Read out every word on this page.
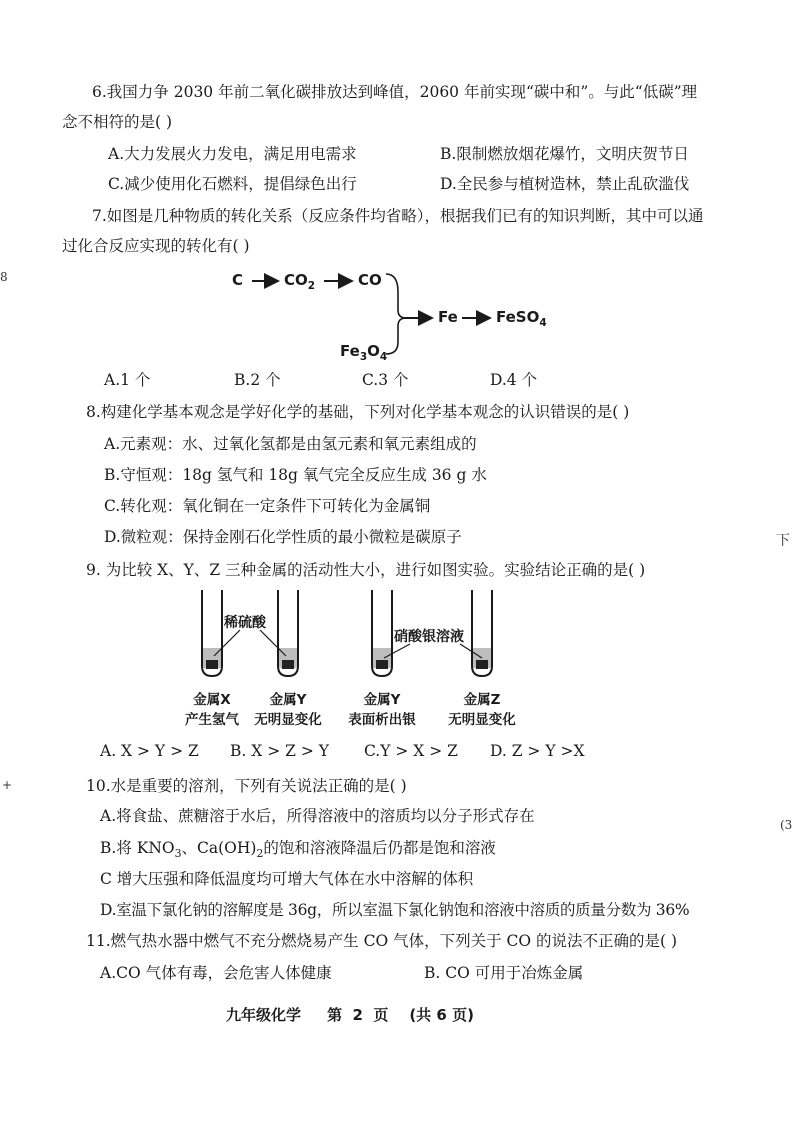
6.我国力争 2030 年前二氧化碳排放达到峰值，2060 年前实现“碳中和”。与此“低碳”理
念不相符的是( )
A.大力发展火力发电，满足用电需求	B.限制燃放烟花爆竹，文明庆贺节日
C.减少使用化石燃料，提倡绿色出行	D.全民参与植树造林，禁止乱砍滥伐
7.如图是几种物质的转化关系（反应条件均省略），根据我们已有的知识判断，其中可以通
过化合反应实现的转化有( )
C	$CO_2$	CO
Fe	FeSO$_4$
$Fe_3O_4$
A.1 个	B.2 个	C.3 个	D.4 个
8.构建化学基本观念是学好化学的基础，下列对化学基本观念的认识错误的是( )
A.元素观：水、过氧化氢都是由氢元素和氧元素组成的
B.守恒观：18g 氢气和 18g 氧气完全反应生成 36 g 水
C.转化观：氧化铜在一定条件下可转化为金属铜
D.微粒观：保持金刚石化学性质的最小微粒是碳原子
9. 为比较 X、Y、Z 三种金属的活动性大小，进行如图实验。实验结论正确的是( )
稀硫酸
硝酸银溶液
金属X
产生氢气
金属Y
无明显变化
金属Y
表面析出银
金属Z
无明显变化
A. X > Y > Z B. X > Z > Y C.Y > X > Z D. Z > Y >X
10.水是重要的溶剂，下列有关说法正确的是( )
A.将食盐、蔗糖溶于水后，所得溶液中的溶质均以分子形式存在
B.将 $KNO_3$、$Ca(OH)_2$的饱和溶液降温后仍都是饱和溶液
C 增大压强和降低温度均可增大气体在水中溶解的体积
D.室温下氯化钠的溶解度是 36g，所以室温下氯化钠饱和溶液中溶质的质量分数为 36%
11.燃气热水器中燃气不充分燃烧易产生 CO 气体，下列关于 CO 的说法不正确的是( )
A.CO 气体有毒，会危害人体健康	B. CO 可用于冶炼金属
九年级化学     第  2  页    (共 6 页)
8
下
+
(3
